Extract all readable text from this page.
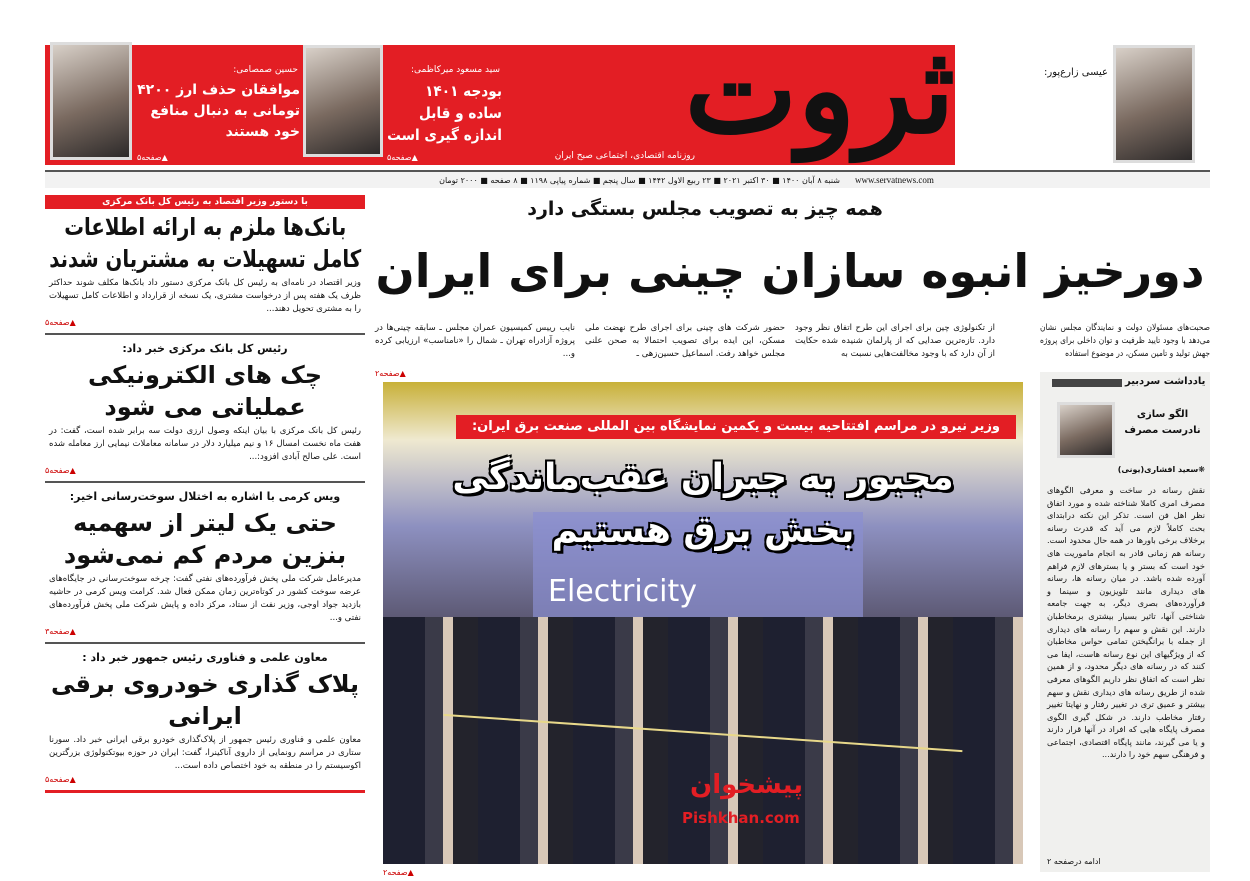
عیسی زارع‌پور:
اینترنت پاک کودک و نوجوان امسال راه‌اندازی می‌شود
▲صفحه۲
ثروت
روزنامه اقتصادی، اجتماعی صبح ایران
سید مسعود میرکاظمی:
بودجه ۱۴۰۱ ساده و قابل اندازه گیری است
▲صفحه۵
حسین صمصامی:
موافقان حذف ارز ۴۲۰۰ تومانی به دنبال منافع خود هستند
▲صفحه۵
شنبه ۸ آبان ۱۴۰۰ ■ ۳۰ اکتبر ۲۰۲۱ ■ ۲۳ ربیع الاول ۱۴۴۲ ■ سال پنجم ■ شماره پیاپی ۱۱۹۸ ■ ۸ صفحه ■ ۲۰۰۰ تومان www.servatnews.com
همه چیز به تصویب مجلس بستگی دارد
دورخیز انبوه سازان چینی برای ایران
صحبت‌های مسئولان دولت و نمایندگان مجلس نشان می‌دهد با وجود تایید ظرفیت و توان داخلی برای پروژه جهش تولید و تامین مسکن، در موضوع استفاده
از تکنولوژی چین برای اجرای این طرح اتفاق نظر وجود دارد. تازه‌ترین صدایی که از پارلمان شنیده شده حکایت از آن دارد که با وجود مخالفت‌هایی نسبت به
حضور شرکت های چینی برای اجرای طرح نهضت ملی مسکن، این ایده برای تصویب احتمالا به صحن علنی مجلس خواهد رفت. اسماعیل حسین‌زهی ـ
نایب رییس کمیسیون عمران مجلس ـ سابقه چینی‌ها در پروژه آزادراه تهران ـ شمال را «نامناسب» ارزیابی کرده و...
▲صفحه۲
Electricity
وزیر نیرو در مراسم افتتاحیه بیست و یکمین نمایشگاه بین المللی صنعت برق ایران:
مجبور به جبران عقب‌ماندگی
بخش برق هستیم
پیشخوان
Pishkhan.com
▲صفحه۲
با دستور وزیر اقتصاد به رئیس کل بانک مرکزی
بانک‌ها ملزم به ارائه اطلاعات کامل تسهیلات به مشتریان شدند
وزیر اقتصاد در نامه‌ای به رئیس کل بانک مرکزی دستور داد بانک‌ها مکلف شوند حداکثر ظرف یک هفته پس از درخواست مشتری، یک نسخه از قرارداد و اطلاعات کامل تسهیلات را به مشتری تحویل دهند...
▲صفحه۵
رئیس کل بانک مرکزی خبر داد:
چک های الکترونیکی عملیاتی می شود
رئیس کل بانک مرکزی با بیان اینکه وصول ارزی دولت سه برابر شده است، گفت: در هفت ماه نخست امسال ۱۶ و نیم میلیارد دلار در سامانه معاملات نیمایی ارز معامله شده است. علی صالح آبادی افزود:...
▲صفحه۵
ویس کرمی با اشاره به اختلال سوخت‌رسانی اخیر:
حتی یک لیتر از سهمیه بنزین مردم کم نمی‌شود
مدیرعامل شرکت ملی پخش فرآورده‌های نفتی گفت: چرخه سوخت‌رسانی در جایگاه‌های عرضه سوخت کشور در کوتاه‌ترین زمان ممکن فعال شد. کرامت ویس کرمی در حاشیه بازدید جواد اوجی، وزیر نفت از ستاد، مرکز داده و پایش شرکت ملی پخش فرآورده‌های نفتی و...
▲صفحه۳
معاون علمی و فناوری رئیس جمهور خبر داد :
پلاک گذاری خودروی برقی ایرانی
معاون علمی و فناوری رئیس جمهور از پلاک‌گذاری خودرو برقی ایرانی خبر داد. سورنا ستاری در مراسم رونمایی از داروی آناکینرا، گفت: ایران در حوزه بیوتکنولوژی بزرگترین اکوسیستم را در منطقه به خود اختصاص داده است...
▲صفحه۵
یادداشت سردبیر
الگو سازی نادرست مصرف
❋سعید افشاری(یونی)
نقش رسانه در ساخت و معرفی الگوهای مصرف امری کاملا شناخته شده و مورد اتفاق نظر اهل فن است. تذکر این نکته درابتدای بحث کاملاً لازم می آید که قدرت رسانه برخلاف برخی باورها در همه حال محدود است. رسانه هم زمانی قادر به انجام ماموریت های خود است که بستر و یا بسترهای لازم فراهم آورده شده باشد. در میان رسانه ها، رسانه های دیداری مانند تلویزیون و سینما و فرآورده‌های بصری دیگر، به جهت جامعه شناختی آنها، تاثیر بسیار بیشتری برمخاطبان دارند. این نقش و سهم را رسانه های دیداری از جمله با برانگیختن تمامی حواس مخاطبان که از ویژگیهای این نوع رسانه هاست، ایفا می کنند که در رسانه های دیگر محدود، و از همین نظر است که اتفاق نظر داریم الگوهای معرفی شده از طریق رسانه های دیداری نقش و سهم بیشتر و عمیق تری در تغییر رفتار و نهایتا تغییر رفتار مخاطب دارند. در شکل گیری الگوی مصرف پایگاه هایی که افراد در آنها قرار دارند و یا می گیرند، مانند پایگاه اقتصادی، اجتماعی و فرهنگی سهم خود را دارند...
ادامه درصفحه ۲
